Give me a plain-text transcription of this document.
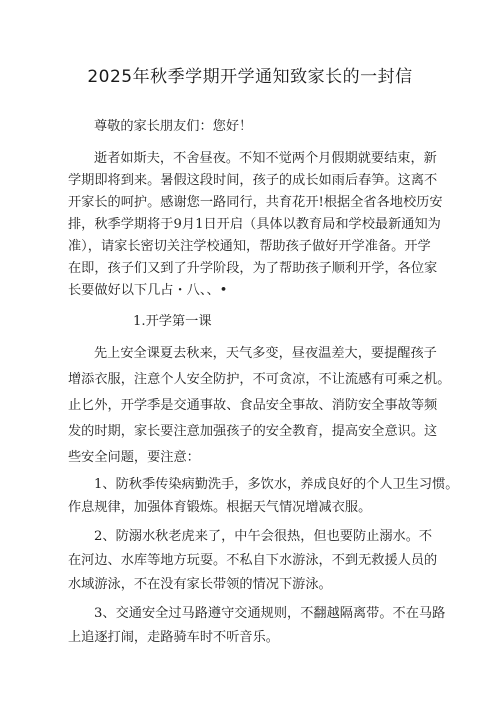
2025年秋季学期开学通知致家长的一封信
尊敬的家长朋友们：您好！
逝者如斯夫，不舍昼夜。不知不觉两个月假期就要结束，新
学期即将到来。暑假这段时间，孩子的成长如雨后春笋。这离不
开家长的呵护。感谢您一路同行，共育花开!根据全省各地校历安
排，秋季学期将于9月1日开启（具体以教育局和学校最新通知为
准），请家长密切关注学校通知，帮助孩子做好开学准备。开学
在即，孩子们又到了升学阶段，为了帮助孩子顺利开学，各位家
长要做好以下几占・八、、•
1.开学第一课
先上安全课夏去秋来，天气多变，昼夜温差大，要提醒孩子
增添衣服，注意个人安全防护，不可贪凉，不让流感有可乘之机。
止匕外，开学季是交通事故、食品安全事故、消防安全事故等频
发的时期，家长要注意加强孩子的安全教育，提高安全意识。这
些安全问题，要注意：
1、防秋季传染病勤洗手，多饮水，养成良好的个人卫生习惯。
作息规律，加强体育锻炼。根据天气情况增减衣服。
2、防溺水秋老虎来了，中午会很热，但也要防止溺水。不
在河边、水库等地方玩耍。不私自下水游泳，不到无救援人员的
水域游泳，不在没有家长带领的情况下游泳。
3、交通安全过马路遵守交通规则，不翻越隔离带。不在马路
上追逐打闹，走路骑车时不听音乐。
